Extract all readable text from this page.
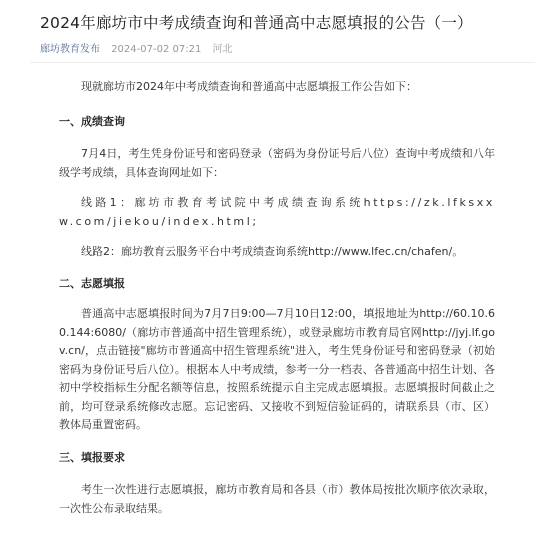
2024年廊坊市中考成绩查询和普通高中志愿填报的公告（一）
廊坊教育发布 2024-07-02 07:21 河北

现就廊坊市2024年中考成绩查询和普通高中志愿填报工作公告如下：

一、成绩查询

7月4日，考生凭身份证号和密码登录（密码为身份证号后八位）查询中考成绩和八年级学考成绩，具体查询网址如下：

线路1：廊坊市教育考试院中考成绩查询系统https://zk.lfksxxw.com/jiekou/index.html;

线路2：廊坊教育云服务平台中考成绩查询系统http://www.lfec.cn/chafen/。

二、志愿填报

普通高中志愿填报时间为7月7日9:00—7月10日12:00，填报地址为http://60.10.60.144:6080/（廊坊市普通高中招生管理系统），或登录廊坊市教育局官网http://jyj.lf.gov.cn/，点击链接"廊坊市普通高中招生管理系统"进入，考生凭身份证号和密码登录（初始密码为身份证号后八位）。根据本人中考成绩，参考一分一档表、各普通高中招生计划、各初中学校指标生分配名额等信息，按照系统提示自主完成志愿填报。志愿填报时间截止之前，均可登录系统修改志愿。忘记密码、又接收不到短信验证码的，请联系县（市、区）教体局重置密码。

三、填报要求

考生一次性进行志愿填报，廊坊市教育局和各县（市）教体局按批次顺序依次录取，一次性公布录取结果。
